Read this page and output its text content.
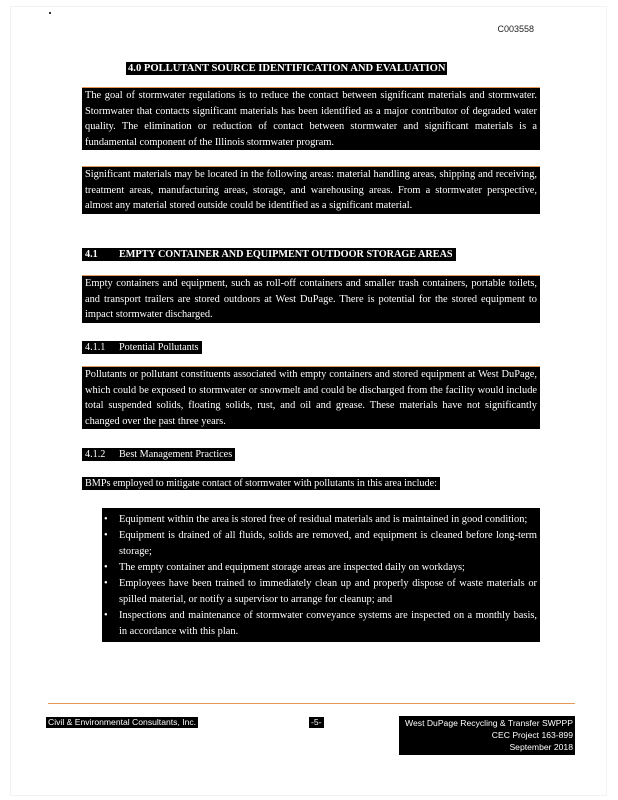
C003558
4.0 POLLUTANT SOURCE IDENTIFICATION AND EVALUATION
The goal of stormwater regulations is to reduce the contact between significant materials and stormwater. Stormwater that contacts significant materials has been identified as a major contributor of degraded water quality. The elimination or reduction of contact between stormwater and significant materials is a fundamental component of the Illinois stormwater program.
Significant materials may be located in the following areas: material handling areas, shipping and receiving, treatment areas, manufacturing areas, storage, and warehousing areas. From a stormwater perspective, almost any material stored outside could be identified as a significant material.
4.1 EMPTY CONTAINER AND EQUIPMENT OUTDOOR STORAGE AREAS
Empty containers and equipment, such as roll-off containers and smaller trash containers, portable toilets, and transport trailers are stored outdoors at West DuPage. There is potential for the stored equipment to impact stormwater discharged.
4.1.1 Potential Pollutants
Pollutants or pollutant constituents associated with empty containers and stored equipment at West DuPage, which could be exposed to stormwater or snowmelt and could be discharged from the facility would include total suspended solids, floating solids, rust, and oil and grease. These materials have not significantly changed over the past three years.
4.1.2 Best Management Practices
BMPs employed to mitigate contact of stormwater with pollutants in this area include:
• Equipment within the area is stored free of residual materials and is maintained in good condition;
• Equipment is drained of all fluids, solids are removed, and equipment is cleaned before long-term storage;
• The empty container and equipment storage areas are inspected daily on workdays;
• Employees have been trained to immediately clean up and properly dispose of waste materials or spilled material, or notify a supervisor to arrange for cleanup; and
• Inspections and maintenance of stormwater conveyance systems are inspected on a monthly basis, in accordance with this plan.
Civil & Environmental Consultants, Inc.	-5-	West DuPage Recycling & Transfer SWPPP
CEC Project 163-899
September 2018
